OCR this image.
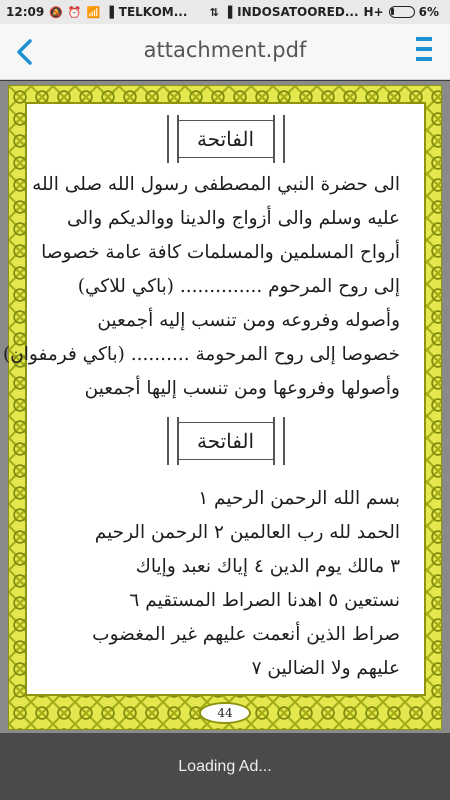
12:09 🔕 ⏰ 📶 ▐ TELKOM... ⇅ ▐ INDOSATOORED... H+	6%
attachment.pdf
الفاتحة
الى حضرة النبي المصطفى رسول الله صلى الله
عليه وسلم والى أزواج والدينا ووالديكم والى
أرواح المسلمين والمسلمات كافة عامة خصوصا
إلى روح المرحوم .............. (باكي للاكي)
وأصوله وفروعه ومن تنسب إليه أجمعين
خصوصا إلى روح المرحومة .......... (باكي فرمفوان)
وأصولها وفروعها ومن تنسب إليها أجمعين
الفاتحة
بسم الله الرحمن الرحيم ١
الحمد لله رب العالمين ٢ الرحمن الرحيم
٣ مالك يوم الدين ٤ إياك نعبد وإياك
نستعين ٥ اهدنا الصراط المستقيم ٦
صراط الذين أنعمت عليهم غير المغضوب
عليهم ولا الضالين ٧
44
Loading Ad...
